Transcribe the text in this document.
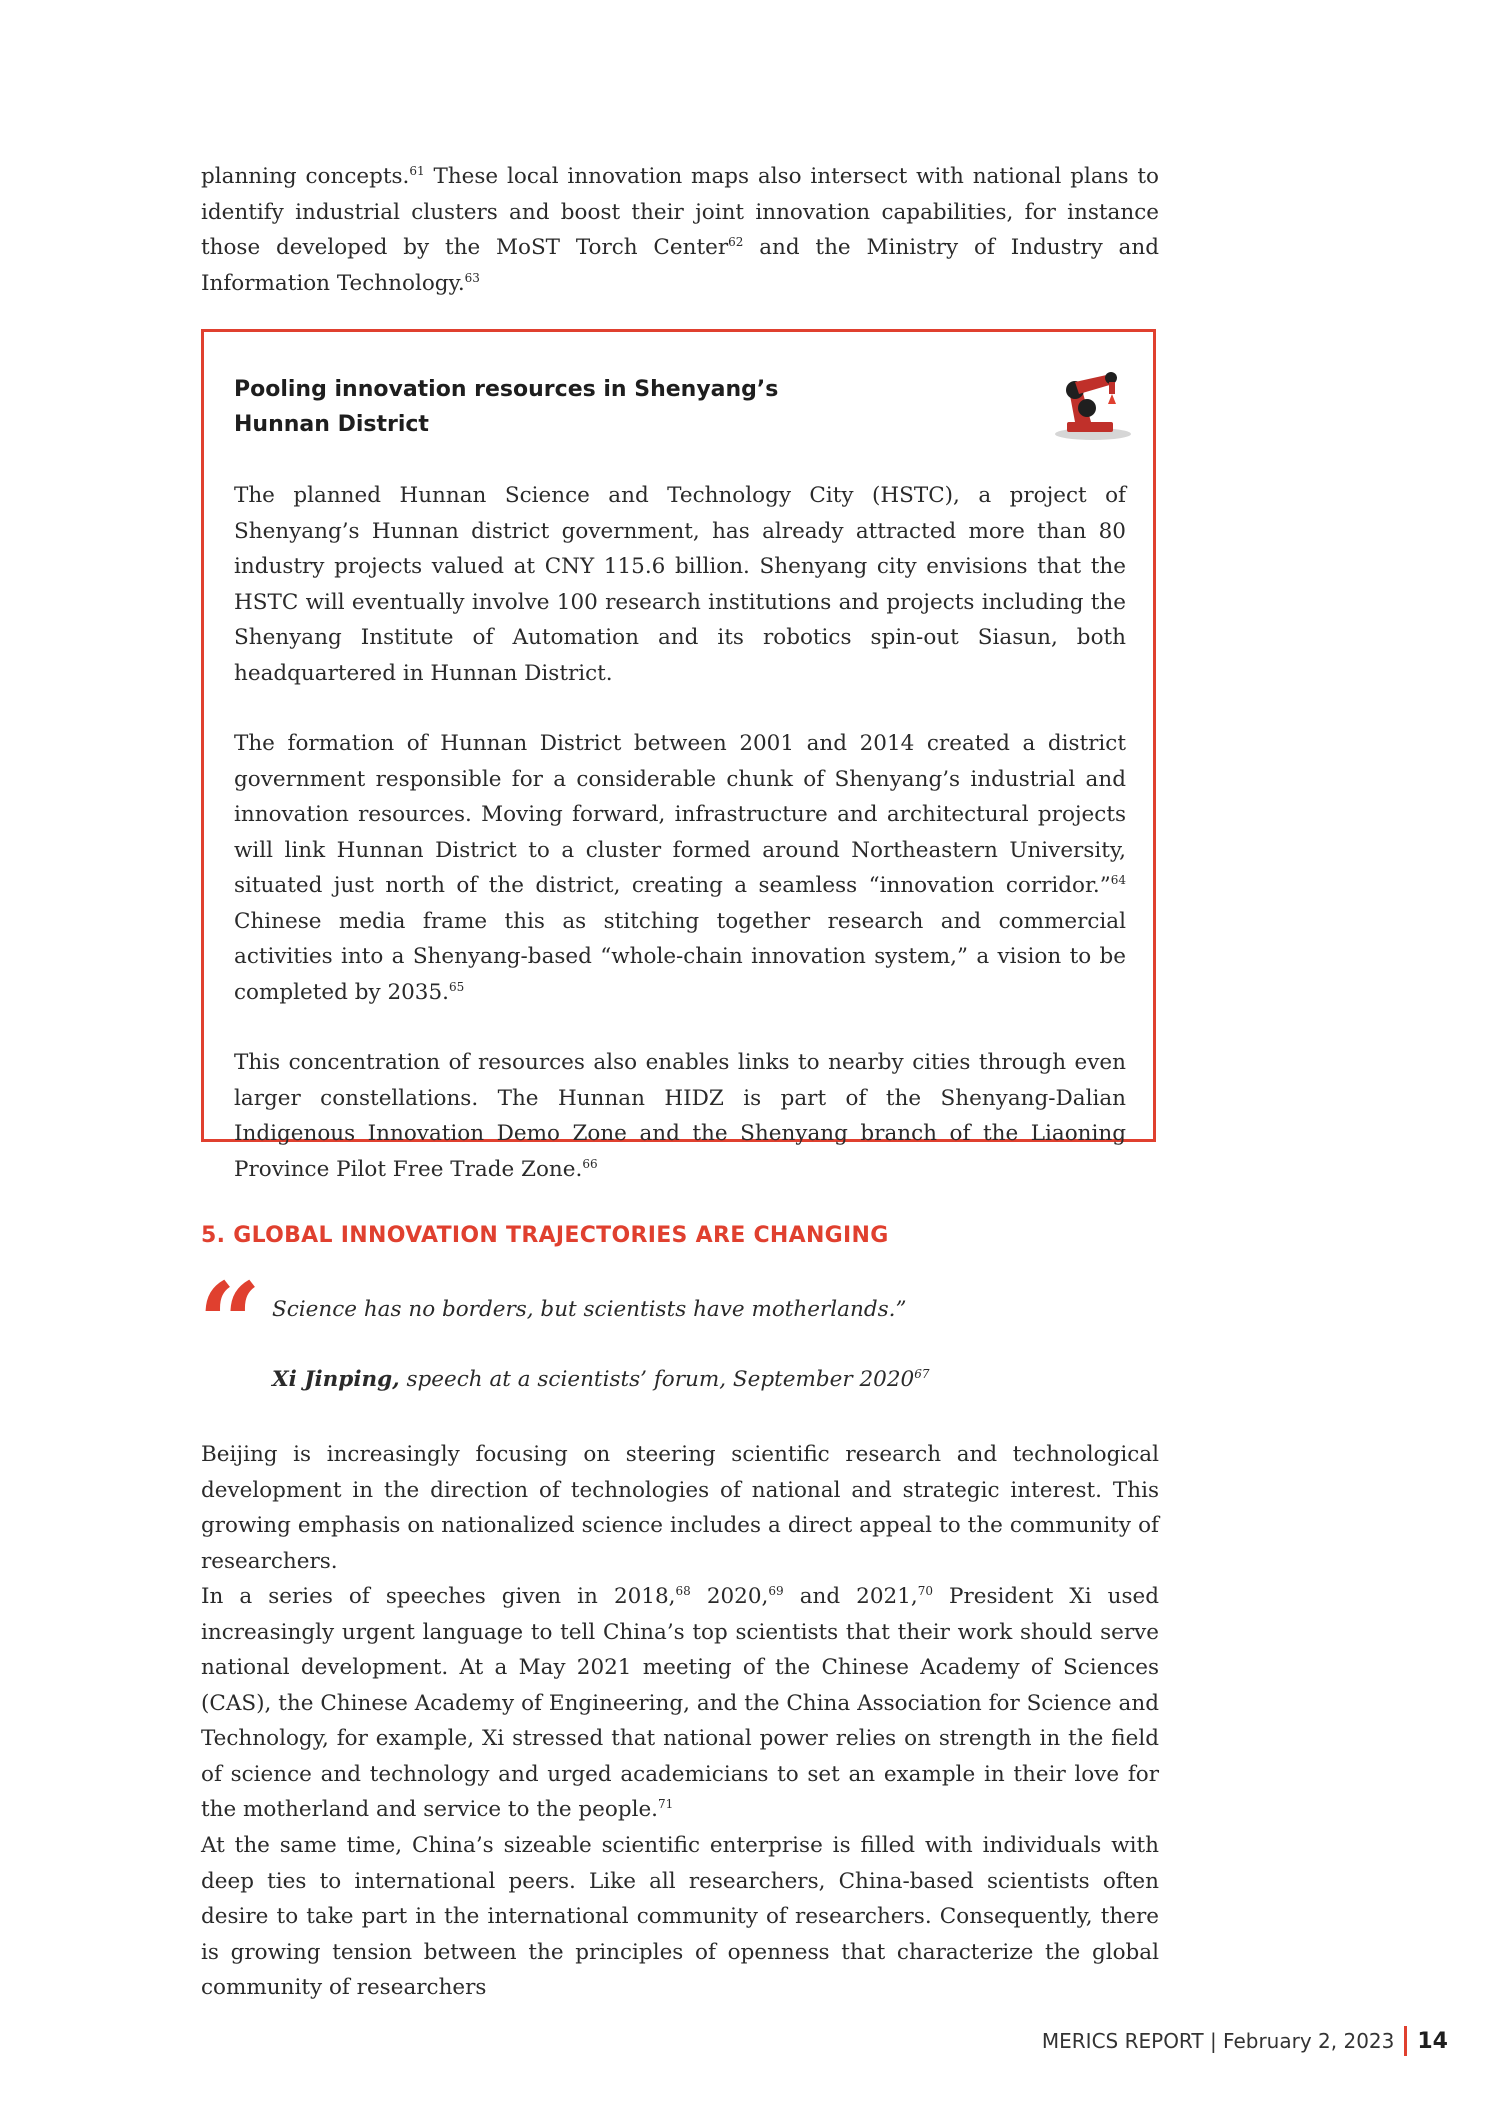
planning concepts.$^{61}$ These local innovation maps also intersect with national plans to identify industrial clusters and boost their joint innovation capabilities, for instance those developed by the MoST Torch Center$^{62}$ and the Ministry of Industry and Information Technology.$^{63}$

Pooling innovation resources in Shenyang’s
Hunnan District

The planned Hunnan Science and Technology City (HSTC), a project of Shenyang’s Hunnan district government, has already attracted more than 80 industry projects valued at CNY 115.6 billion. Shenyang city envisions that the HSTC will eventually involve 100 research institutions and projects including the Shenyang Institute of Automation and its robotics spin-out Siasun, both headquartered in Hunnan District.

The formation of Hunnan District between 2001 and 2014 created a district government responsible for a considerable chunk of Shenyang’s industrial and innovation resources. Moving forward, infrastructure and architectural projects will link Hunnan District to a cluster formed around Northeastern University, situated just north of the district, creating a seamless “innovation corridor.”$^{64}$ Chinese media frame this as stitching together research and commercial activities into a Shenyang-based “whole-chain innovation system,” a vision to be completed by 2035.65

This concentration of resources also enables links to nearby cities through even larger constellations. The Hunnan HIDZ is part of the Shenyang-Dalian Indigenous Innovation Demo Zone and the Shenyang branch of the Liaoning Province Pilot Free Trade Zone.$^{66}$

5. GLOBAL INNOVATION TRAJECTORIES ARE CHANGING
“ Science has no borders, but scientists have motherlands.”
Xi Jinping, speech at a scientists’ forum, September 2020$^{67}$

Beijing is increasingly focusing on steering scientific research and technological development in the direction of technologies of national and strategic interest. This growing emphasis on nationalized science includes a direct appeal to the community of researchers.

In a series of speeches given in 2018,68 2020,69 and 2021,70 President Xi used increasingly urgent language to tell China’s top scientists that their work should serve national development. At a May 2021 meeting of the Chinese Academy of Sciences (CAS), the Chinese Academy of Engineering, and the China Association for Science and Technology, for example, Xi stressed that national power relies on strength in the field of science and technology and urged academicians to set an example in their love for the motherland and service to the people.$^{71}$

At the same time, China’s sizeable scientific enterprise is filled with individuals with deep ties to international peers. Like all researchers, China-based scientists often desire to take part in the international community of researchers. Consequently, there is growing tension between the principles of openness that characterize the global community of researchers

MERICS REPORT | February 2, 2023 14
